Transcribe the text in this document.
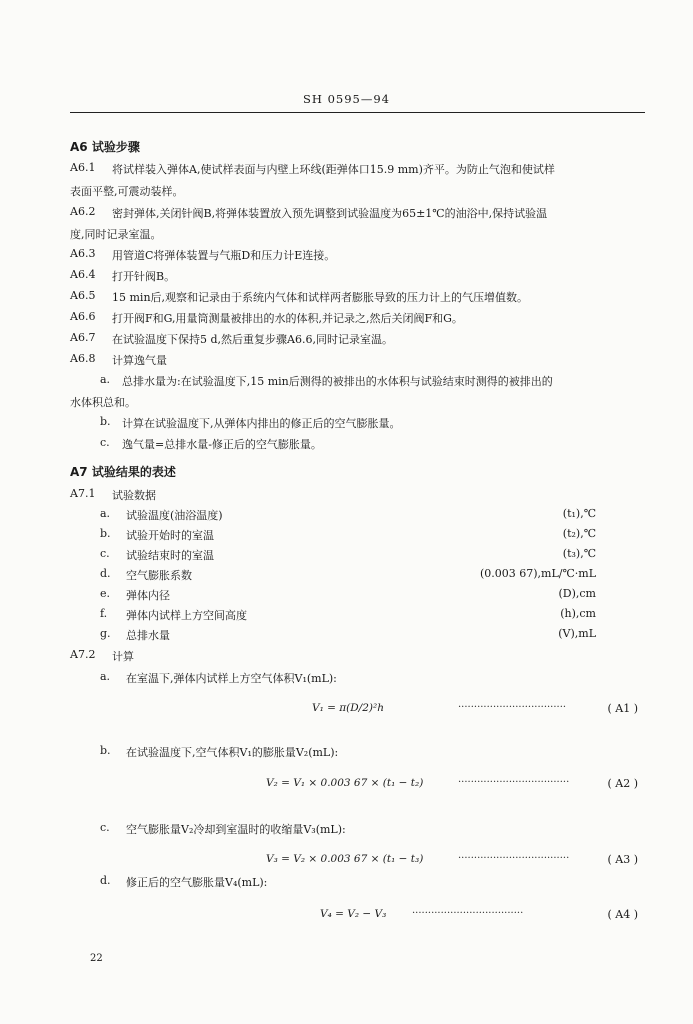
SH 0595—94
A6 试验步骤
A6.1 将试样装入弹体A,使试样表面与内壁上环线(距弹体口15.9 mm)齐平。为防止气泡和使试样
表面平整,可震动装样。
A6.2 密封弹体,关闭针阀B,将弹体装置放入预先调整到试验温度为65±1℃的油浴中,保持试验温
度,同时记录室温。
A6.3 用管道C将弹体装置与气瓶D和压力计E连接。
A6.4 打开针阀B。
A6.5 15 min后,观察和记录由于系统内气体和试样两者膨胀导致的压力计上的气压增值数。
A6.6 打开阀F和G,用量筒测量被排出的水的体积,并记录之,然后关闭阀F和G。
A6.7 在试验温度下保持5 d,然后重复步骤A6.6,同时记录室温。
A6.8 计算逸气量
a. 总排水量为:在试验温度下,15 min后测得的被排出的水体积与试验结束时测得的被排出的
水体积总和。
b. 计算在试验温度下,从弹体内排出的修正后的空气膨胀量。
c. 逸气量=总排水量-修正后的空气膨胀量。
A7 试验结果的表述
A7.1 试验数据
a. 试验温度(油浴温度)	(t₁),℃
b. 试验开始时的室温	(t₂),℃
c. 试验结束时的室温	(t₃),℃
d. 空气膨胀系数	(0.003 67),mL/℃·mL
e. 弹体内径	(D),cm
f. 弹体内试样上方空间高度	(h),cm
g. 总排水量	(V),mL
A7.2 计算
a. 在室温下,弹体内试样上方空气体积V₁(mL):
V₁ = π(D/2)²h	··································	( A1 )
b. 在试验温度下,空气体积V₁的膨胀量V₂(mL):
V₂ = V₁ × 0.003 67 × (t₁ − t₂)	···································	( A2 )
c. 空气膨胀量V₂冷却到室温时的收缩量V₃(mL):
V₃ = V₂ × 0.003 67 × (t₁ − t₃)	···································	( A3 )
d. 修正后的空气膨胀量V₄(mL):
V₄ = V₂ − V₃	···································	( A4 )
22
